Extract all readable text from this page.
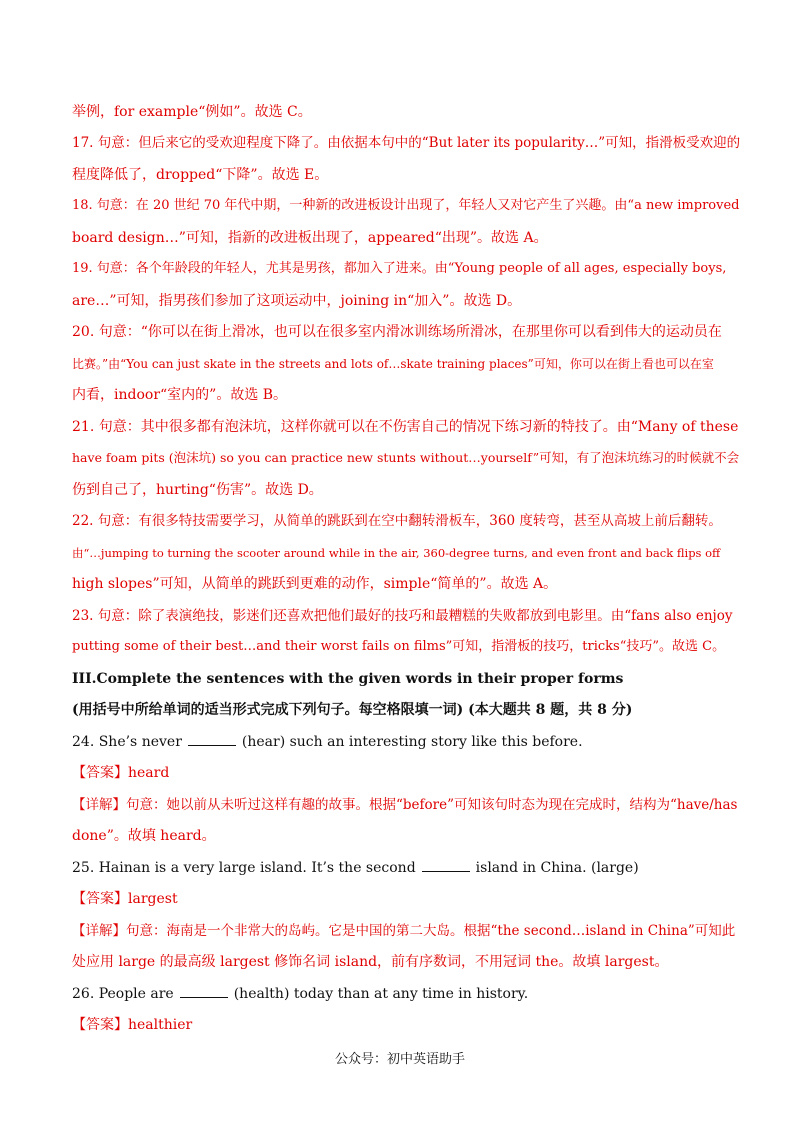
举例，for example“例如”。故选 C。
17. 句意：但后来它的受欢迎程度下降了。由依据本句中的“But later its popularity…”可知，指滑板受欢迎的
程度降低了，dropped“下降”。故选 E。
18. 句意：在 20 世纪 70 年代中期，一种新的改进板设计出现了，年轻人又对它产生了兴趣。由“a new improved
board design…”可知，指新的改进板出现了，appeared“出现”。故选 A。
19. 句意：各个年龄段的年轻人，尤其是男孩，都加入了进来。由“Young people of all ages, especially boys,
are…”可知，指男孩们参加了这项运动中，joining in“加入”。故选 D。
20. 句意：“你可以在街上滑冰，也可以在很多室内滑冰训练场所滑冰，在那里你可以看到伟大的运动员在
比赛。”由“You can just skate in the streets and lots of…skate training places”可知，你可以在街上看也可以在室
内看，indoor“室内的”。故选 B。
21. 句意：其中很多都有泡沫坑，这样你就可以在不伤害自己的情况下练习新的特技了。由“Many of these
have foam pits (泡沫坑) so you can practice new stunts without…yourself”可知，有了泡沫坑练习的时候就不会
伤到自己了，hurting“伤害”。故选 D。
22. 句意：有很多特技需要学习，从简单的跳跃到在空中翻转滑板车，360 度转弯，甚至从高坡上前后翻转。
由“…jumping to turning the scooter around while in the air, 360-degree turns, and even front and back flips off
high slopes”可知，从简单的跳跃到更难的动作，simple“简单的”。故选 A。
23. 句意：除了表演绝技，影迷们还喜欢把他们最好的技巧和最糟糕的失败都放到电影里。由“fans also enjoy
putting some of their best…and their worst fails on films”可知，指滑板的技巧，tricks“技巧”。故选 C。
III.Complete the sentences with the given words in their proper forms
(用括号中所给单词的适当形式完成下列句子。每空格限填一词) (本大题共 8 题，共 8 分)
24. She’s never	(hear) such an interesting story like this before.
【答案】heard
【详解】句意：她以前从未听过这样有趣的故事。根据“before”可知该句时态为现在完成时，结构为“have/has
done”。故填 heard。
25. Hainan is a very large island. It’s the second	island in China. (large)
【答案】largest
【详解】句意：海南是一个非常大的岛屿。它是中国的第二大岛。根据“the second…island in China”可知此
处应用 large 的最高级 largest 修饰名词 island，前有序数词，不用冠词 the。故填 largest。
26. People are	(health) today than at any time in history.
【答案】healthier
公众号：初中英语助手
